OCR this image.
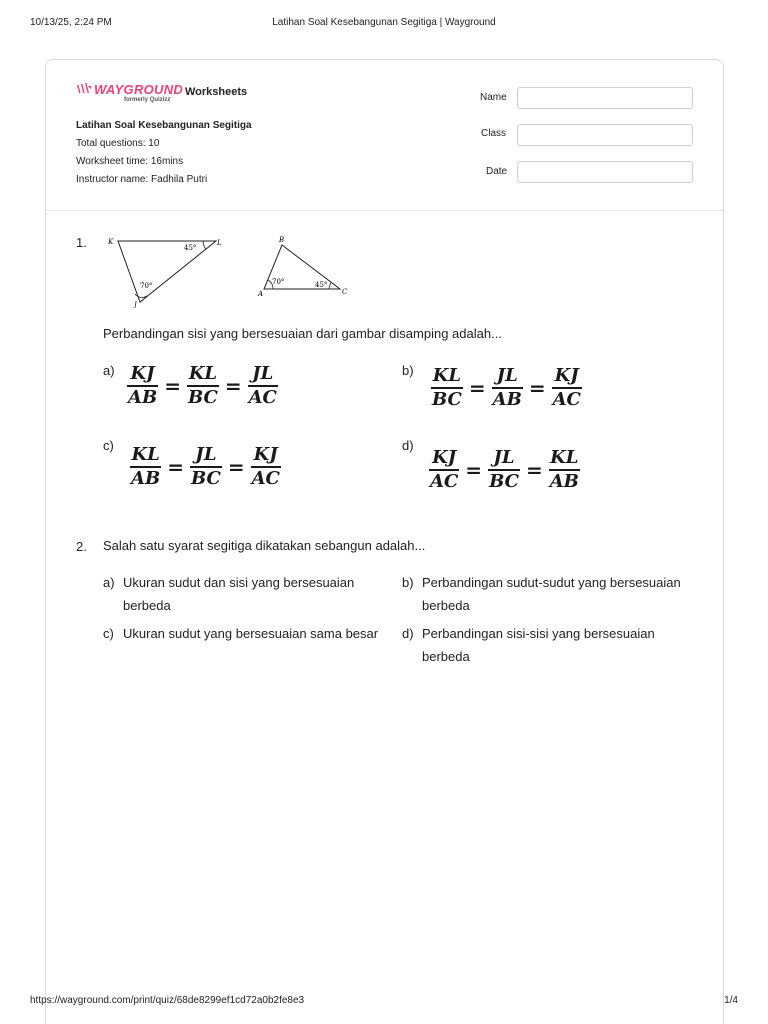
10/13/25, 2:24 PM	Latihan Soal Kesebangunan Segitiga | Wayground
WAYGROUND
formerly Quizizz
Worksheets
Latihan Soal Kesebangunan Segitiga
Total questions: 10
Worksheet time: 16mins
Instructor name: Fadhila Putri
Name
Class
Date
1.	K	L
J
45°
70°
B
A	C
70°	45°
Perbandingan sisi yang bersesuaian dari gambar disamping adalah...
$a) \frac{KJ}{AB} = \frac{KL}{BC} = \frac{JL}{AC}$	$b) \frac{KL}{BC} = \frac{JL}{AB} = \frac{KJ}{AC}$
c)
$\frac{KL}{AB} = \frac{JL}{BC} = \frac{KJ}{AC}$
d)
$\frac{KJ}{AC} = \frac{JL}{BC} = \frac{KL}{AB}$
2. Salah satu syarat segitiga dikatakan sebangun adalah...
a) Ukuran sudut dan sisi yang bersesuaian
berbeda
b) Perbandingan sudut-sudut yang bersesuaian
berbeda
c) Ukuran sudut yang bersesuaian sama besar d) Perbandingan sisi-sisi yang bersesuaian
berbeda
https://wayground.com/print/quiz/68de8299ef1cd72a0b2fe8e3	1/4
